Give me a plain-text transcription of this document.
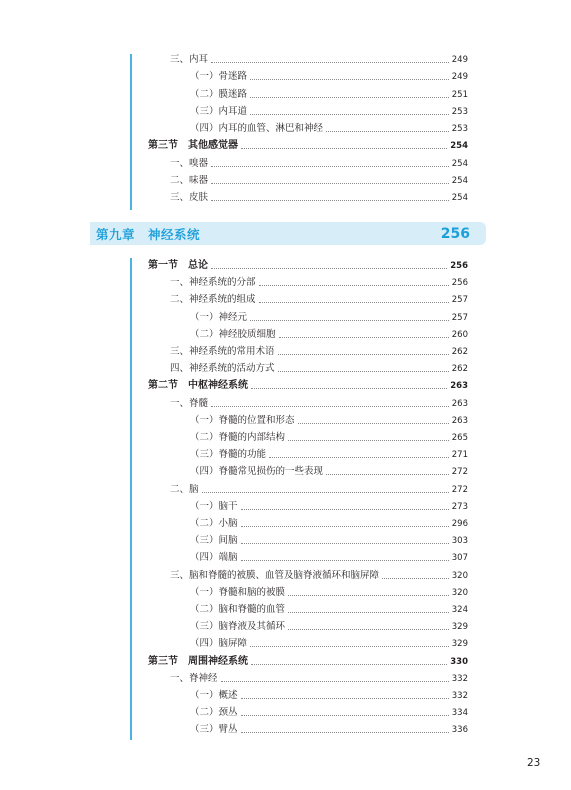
三、内耳	249
（一）骨迷路	249
（二）膜迷路	251
（三）内耳道	253
（四）内耳的血管、淋巴和神经	253
第三节　其他感觉器	254
一、嗅器	254
二、味器	254
三、皮肤	254
第九章　神经系统	256
第一节　总论	256
一、神经系统的分部	256
二、神经系统的组成	257
（一）神经元	257
（二）神经胶质细胞	260
三、神经系统的常用术语	262
四、神经系统的活动方式	262
第二节　中枢神经系统	263
一、脊髓	263
（一）脊髓的位置和形态	263
（二）脊髓的内部结构	265
（三）脊髓的功能	271
（四）脊髓常见损伤的一些表现	272
二、脑	272
（一）脑干	273
（二）小脑	296
（三）间脑	303
（四）端脑	307
三、脑和脊髓的被膜、血管及脑脊液循环和脑屏障	320
（一）脊髓和脑的被膜	320
（二）脑和脊髓的血管	324
（三）脑脊液及其循环	329
（四）脑屏障	329
第三节　周围神经系统	330
一、脊神经	332
（一）概述	332
（二）颈丛	334
（三）臂丛	336
23
